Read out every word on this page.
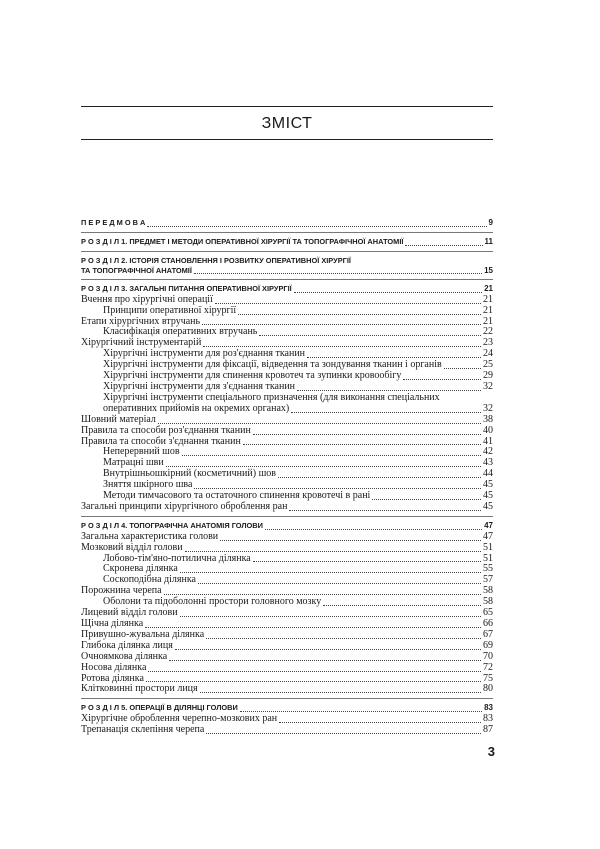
ЗМІСТ
П Е Р Е Д М О В А	9
Р О З Д І Л 1. ПРЕДМЕТ І МЕТОДИ ОПЕРАТИВНОЇ ХІРУРГІЇ ТА ТОПОГРАФІЧНОЇ АНАТОМІЇ	11
Р О З Д І Л 2. ІСТОРІЯ СТАНОВЛЕННЯ І РОЗВИТКУ ОПЕРАТИВНОЇ ХІРУРГІЇ
ТА ТОПОГРАФІЧНОЇ АНАТОМІЇ	15
Р О З Д І Л 3. ЗАГАЛЬНІ ПИТАННЯ ОПЕРАТИВНОЇ ХІРУРГІЇ	21
Вчення про хірургічні операції	21
Принципи оперативної хірургії	21
Етапи хірургічних втручань	21
Класифікація оперативних втручань	22
Хірургічний інструментарій	23
Хірургічні інструменти для роз'єднання тканин	24
Хірургічні інструменти для фіксації, відведення та зондування тканин і органів	25
Хірургічні інструменти для спинення кровотеч та зупинки кровообігу	29
Хірургічні інструменти для з'єднання тканин	32
Хірургічні інструменти спеціального призначення (для виконання спеціальних
оперативних прийомів на окремих органах)	32
Шовний матеріал	38
Правила та способи роз'єднання тканин	40
Правила та способи з'єднання тканин	41
Неперервний шов	42
Матрацні шви	43
Внутрішньошкірний (косметичний) шов	44
Зняття шкірного шва	45
Методи тимчасового та остаточного спинення кровотечі в рані	45
Загальні принципи хірургічного оброблення ран	45
Р О З Д І Л 4. ТОПОГРАФІЧНА АНАТОМІЯ ГОЛОВИ	47
Загальна характеристика голови	47
Мозковий відділ голови	51
Лобово-тім'яно-потилична ділянка	51
Скронева ділянка	55
Соскоподібна ділянка	57
Порожнина черепа	58
Оболони та підоболонні простори головного мозку	58
Лицевий відділ голови	65
Щічна ділянка	66
Привушно-жувальна ділянка	67
Глибока ділянка лиця	69
Очноямкова ділянка	70
Носова ділянка	72
Ротова ділянка	75
Клітковинні простори лиця	80
Р О З Д І Л 5. ОПЕРАЦІЇ В ДІЛЯНЦІ ГОЛОВИ	83
Хірургічне оброблення черепно-мозкових ран	83
Трепанація склепіння черепа	87
3
